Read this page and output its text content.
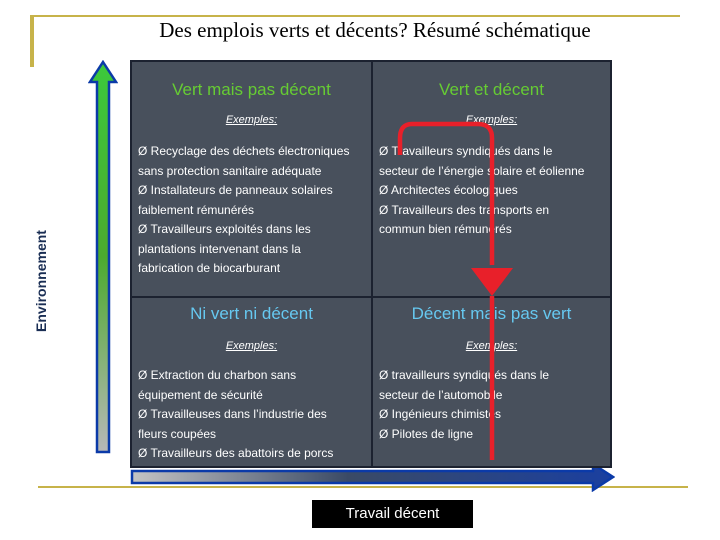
Des emplois verts et décents? Résumé schématique
Environnement
Vert mais pas décent
Exemples:
Ø Recyclage des déchets électroniques
sans protection sanitaire adéquate
Ø Installateurs de panneaux solaires
faiblement rémunérés
Ø Travailleurs exploités dans les
plantations intervenant dans la
fabrication de biocarburant
Vert et décent
Exemples:
Ø Travailleurs syndiqués dans le
secteur de l’énergie solaire et éolienne
Ø Architectes écologiques
Ø Travailleurs des transports en
commun bien rémunérés
Ni vert ni décent
Exemples:
Ø Extraction du charbon sans
équipement de sécurité
Ø Travailleuses dans l’industrie des
fleurs coupées
Ø Travailleurs des abattoirs de porcs
Décent mais pas vert
Exemples:
Ø travailleurs syndiqués dans le
secteur de l’automobile
Ø Ingénieurs chimistes
Ø Pilotes de ligne
Travail décent
